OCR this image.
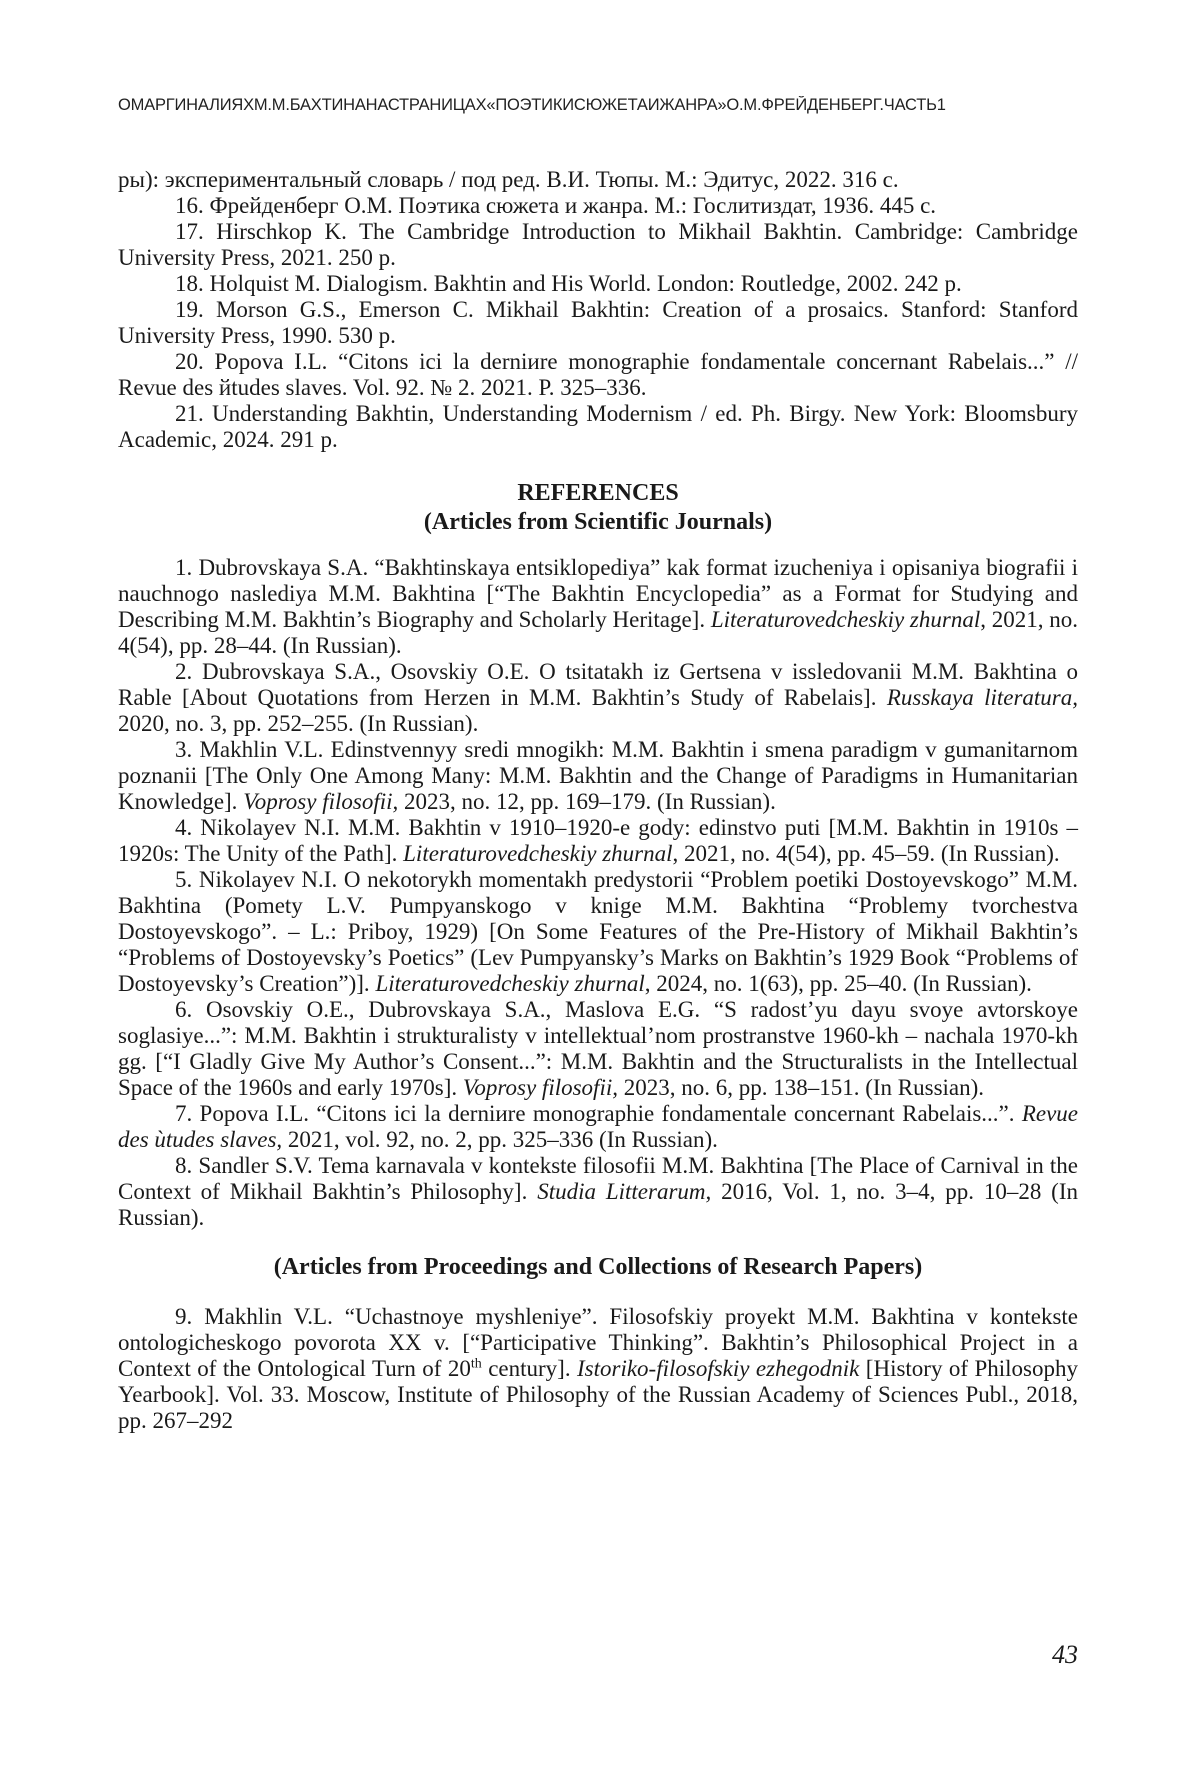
ОМАРГИНАЛИЯХМ.М.БАХТИНАНАСТРАНИЦАХ«ПОЭТИКИСЮЖЕТАИЖАНРА»О.М.ФРЕЙДЕНБЕРГ.ЧАСТЬ1

ры): экспериментальный словарь / под ред. В.И. Тюпы. М.: Эдитус, 2022. 316 с.

16. Фрейденберг О.М. Поэтика сюжета и жанра. М.: Гослитиздат, 1936. 445 с.

17. Hirschkop K. The Cambridge Introduction to Mikhail Bakhtin. Cambridge: Cambridge University Press, 2021. 250 p.

18. Holquist M. Dialogism. Bakhtin and His World. London: Routledge, 2002. 242 p.

19. Morson G.S., Emerson C. Mikhail Bakhtin: Creation of a prosaics. Stanford: Stanford University Press, 1990. 530 p.

20. Popova I.L. “Citons ici la derniиre monographie fondamentale concernant Rabelais...” // Revue des йtudes slaves. Vol. 92. № 2. 2021. P. 325–336.

21. Understanding Bakhtin, Understanding Modernism / ed. Ph. Birgy. New York: Bloomsbury Academic, 2024. 291 p.

REFERENCES
(Articles from Scientific Journals)

1. Dubrovskaya S.A. “Bakhtinskaya entsiklopediya” kak format izucheniya i opisaniya biografii i nauchnogo naslediya M.M. Bakhtina [“The Bakhtin Encyclopedia” as a Format for Studying and Describing M.M. Bakhtin’s Biography and Scholarly Heritage]. Literaturovedcheskiy zhurnal, 2021, no. 4(54), pp. 28–44. (In Russian).

2. Dubrovskaya S.A., Osovskiy O.E. O tsitatakh iz Gertsena v issledovanii M.M. Bakhtina o Rable [About Quotations from Herzen in M.M. Bakhtin’s Study of Rabelais]. Russkaya literatura, 2020, no. 3, pp. 252–255. (In Russian).

3. Makhlin V.L. Edinstvennyy sredi mnogikh: M.M. Bakhtin i smena paradigm v gumanitarnom poznanii [The Only One Among Many: M.M. Bakhtin and the Change of Paradigms in Humanitarian Knowledge]. Voprosy filosofii, 2023, no. 12, pp. 169–179. (In Russian).

4. Nikolayev N.I. M.M. Bakhtin v 1910–1920-e gody: edinstvo puti [M.M. Bakhtin in 1910s – 1920s: The Unity of the Path]. Literaturovedcheskiy zhurnal, 2021, no. 4(54), pp. 45–59. (In Russian).

5. Nikolayev N.I. O nekotorykh momentakh predystorii “Problem poetiki Dostoyevskogo” M.M. Bakhtina (Pomety L.V. Pumpyanskogo v knige M.M. Bakhtina “Problemy tvorchestva Dostoyevskogo”. – L.: Priboy, 1929) [On Some Features of the Pre-History of Mikhail Bakhtin’s “Problems of Dostoyevsky’s Poetics” (Lev Pumpyansky’s Marks on Bakhtin’s 1929 Book “Problems of Dostoyevsky’s Creation”)]. Literaturovedcheskiy zhurnal, 2024, no. 1(63), pp. 25–40. (In Russian).

6. Osovskiy O.E., Dubrovskaya S.A., Maslova E.G. “S radost’yu dayu svoye avtorskoye soglasiye...”: M.M. Bakhtin i strukturalisty v intellektual’nom prostranstve 1960-kh – nachala 1970-kh gg. [“I Gladly Give My Author’s Consent...”: M.M. Bakhtin and the Structuralists in the Intellectual Space of the 1960s and early 1970s]. Voprosy filosofii, 2023, no. 6, pp. 138–151. (In Russian).

7. Popova I.L. “Citons ici la derniиre monographie fondamentale concernant Rabelais...”. Revue des ùtudes slaves, 2021, vol. 92, no. 2, pp. 325–336 (In Russian).

8. Sandler S.V. Tema karnavala v kontekste filosofii M.M. Bakhtina [The Place of Carnival in the Context of Mikhail Bakhtin’s Philosophy]. Studia Litterarum, 2016, Vol. 1, no. 3–4, pp. 10–28 (In Russian).

(Articles from Proceedings and Collections of Research Papers)

9. Makhlin V.L. “Uchastnoye myshleniye”. Filosofskiy proyekt M.M. Bakhtina v kontekste ontologicheskogo povorota XX v. [“Participative Thinking”. Bakhtin’s Philosophical Project in a Context of the Ontological Turn of 20th century]. Istoriko-filosofskiy ezhegodnik [History of Philosophy Yearbook]. Vol. 33. Moscow, Institute of Philosophy of the Russian Academy of Sciences Publ., 2018, pp. 267–292

43
